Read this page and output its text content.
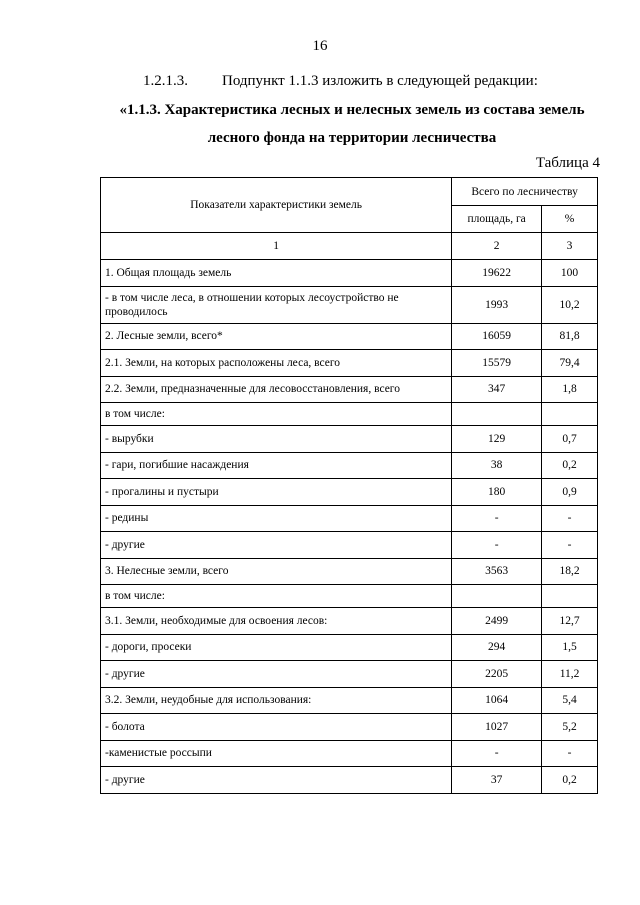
16
1.2.1.3. Подпункт 1.1.3 изложить в следующей редакции:
«1.1.3. Характеристика лесных и нелесных земель из состава земель
лесного фонда на территории лесничества
Таблица 4
Показатели характеристики земель	Всего по лесничеству	
	площадь, га	%
1	2	3
1. Общая площадь земель	19622	100
- в том числе леса, в отношении которых лесоустройство не проводилось	1993	10,2
2. Лесные земли, всего*	16059	81,8
2.1. Земли, на которых расположены леса, всего	15579	79,4
2.2. Земли, предназначенные для лесовосстановления, всего	347	1,8
в том числе:		
- вырубки	129	0,7
- гари, погибшие насаждения	38	0,2
- прогалины и пустыри	180	0,9
- редины	-	-
- другие	-	-
3. Нелесные земли, всего	3563	18,2
в том числе:		
3.1. Земли, необходимые для освоения лесов:	2499	12,7
- дороги, просеки	294	1,5
- другие	2205	11,2
3.2. Земли, неудобные для использования:	1064	5,4
- болота	1027	5,2
-каменистые россыпи	-	-
- другие	37	0,2
